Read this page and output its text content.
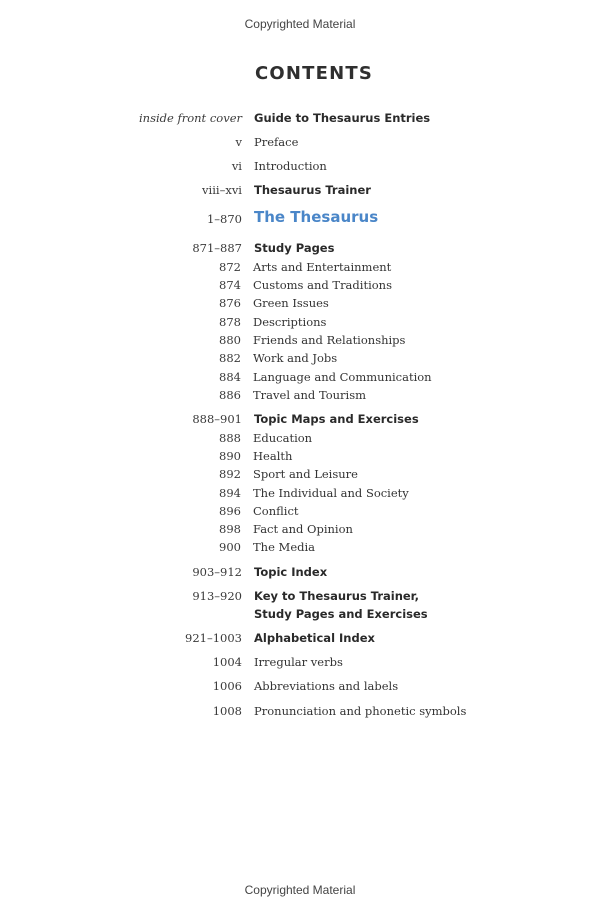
Copyrighted Material
CONTENTS
inside front cover Guide to Thesaurus Entries
v Preface
vi Introduction
viii–xvi Thesaurus Trainer
1–870 The Thesaurus
871–887 Study Pages
872 Arts and Entertainment
874 Customs and Traditions
876 Green Issues
878 Descriptions
880 Friends and Relationships
882 Work and Jobs
884 Language and Communication
886 Travel and Tourism
888–901 Topic Maps and Exercises
888 Education
890 Health
892 Sport and Leisure
894 The Individual and Society
896 Conflict
898 Fact and Opinion
900 The Media
903–912 Topic Index
913–920 Key to Thesaurus Trainer,
Study Pages and Exercises
921–1003 Alphabetical Index
1004 Irregular verbs
1006 Abbreviations and labels
1008 Pronunciation and phonetic symbols
Copyrighted Material
